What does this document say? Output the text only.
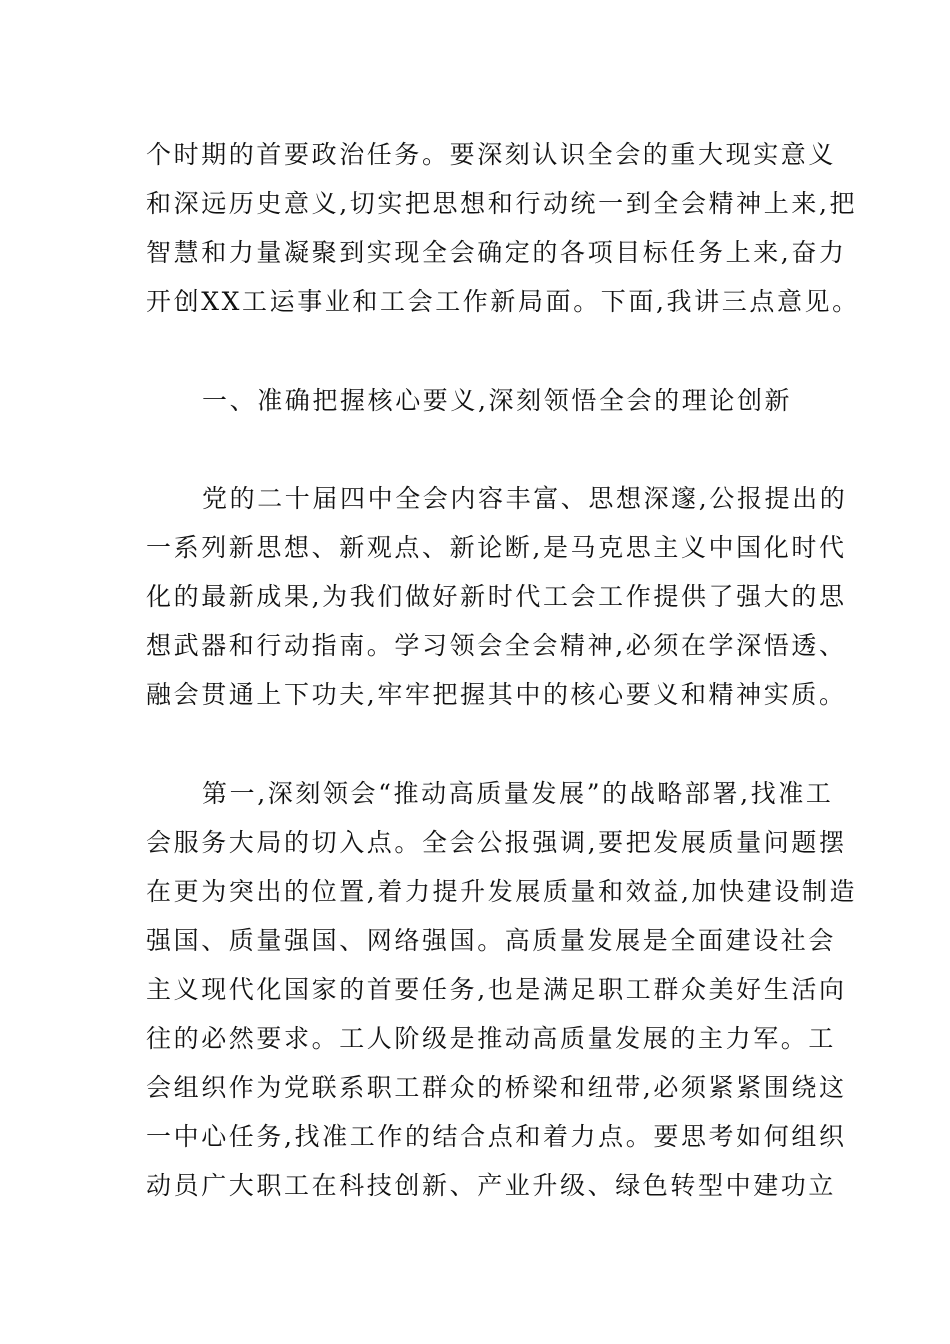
个时期的首要政治任务。要深刻认识全会的重大现实意义
和深远历史意义,切实把思想和行动统一到全会精神上来,把
智慧和力量凝聚到实现全会确定的各项目标任务上来,奋力
开创XX工运事业和工会工作新局面。下面,我讲三点意见。
一、准确把握核心要义,深刻领悟全会的理论创新
党的二十届四中全会内容丰富、思想深邃,公报提出的
一系列新思想、新观点、新论断,是马克思主义中国化时代
化的最新成果,为我们做好新时代工会工作提供了强大的思
想武器和行动指南。学习领会全会精神,必须在学深悟透、
融会贯通上下功夫,牢牢把握其中的核心要义和精神实质。
第一,深刻领会“推动高质量发展”的战略部署,找准工
会服务大局的切入点。全会公报强调,要把发展质量问题摆
在更为突出的位置,着力提升发展质量和效益,加快建设制造
强国、质量强国、网络强国。高质量发展是全面建设社会
主义现代化国家的首要任务,也是满足职工群众美好生活向
往的必然要求。工人阶级是推动高质量发展的主力军。工
会组织作为党联系职工群众的桥梁和纽带,必须紧紧围绕这
一中心任务,找准工作的结合点和着力点。要思考如何组织
动员广大职工在科技创新、产业升级、绿色转型中建功立
